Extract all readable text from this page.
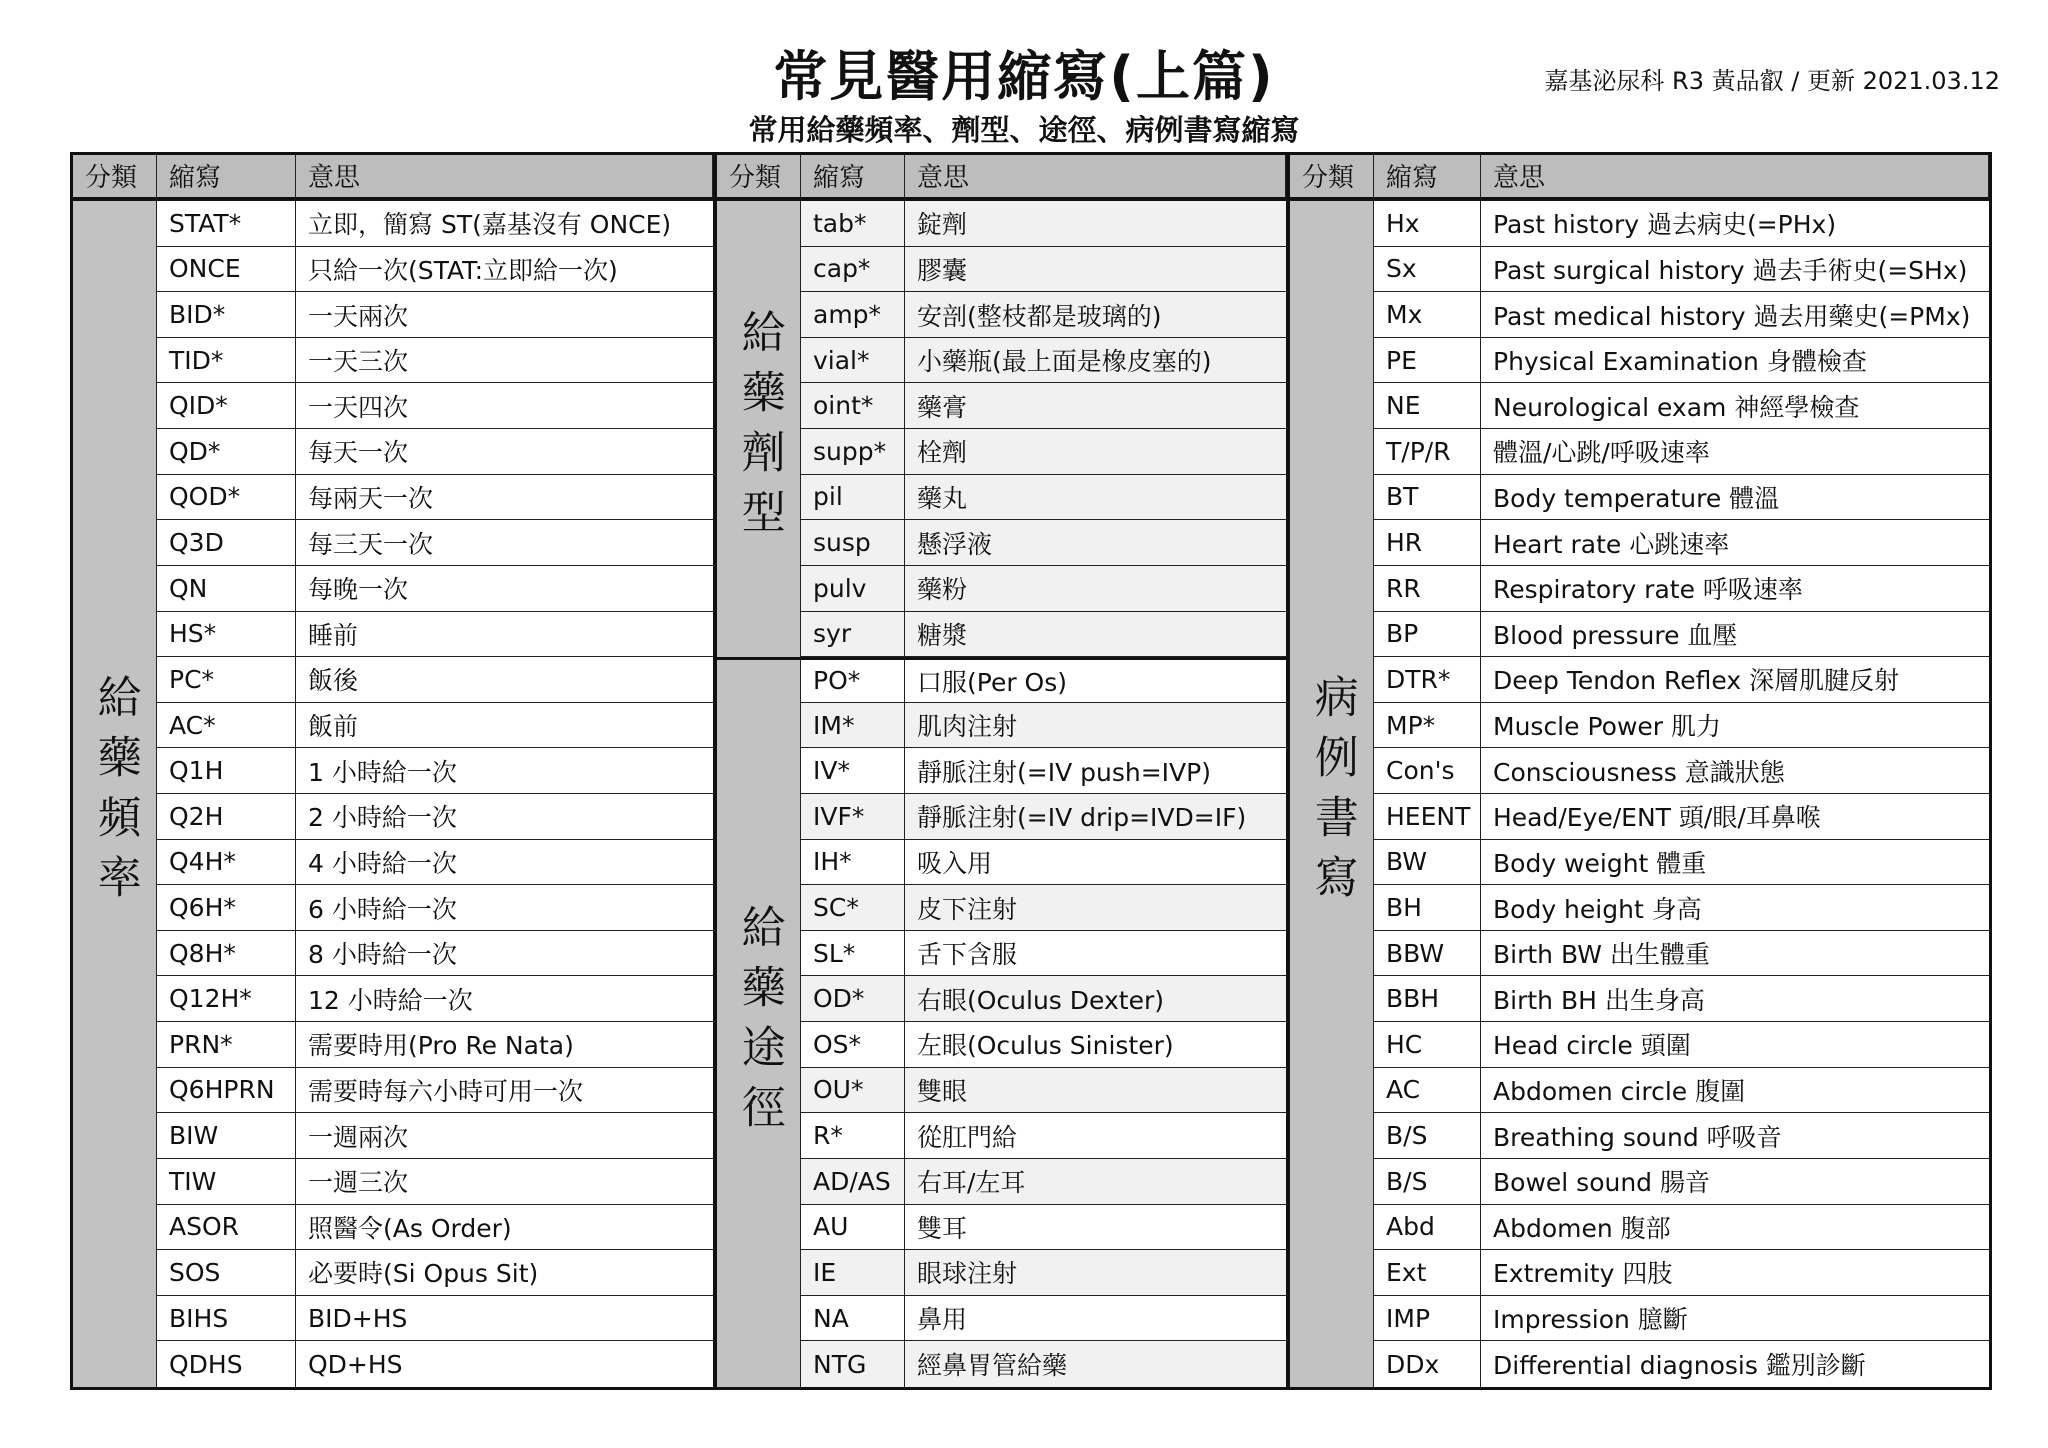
常見醫用縮寫(上篇)
常用給藥頻率、劑型、途徑、病例書寫縮寫
嘉基泌尿科 R3 黃品叡 / 更新 2021.03.12
分類	縮寫	意思
給藥頻率
STAT*	立即，簡寫 ST(嘉基沒有 ONCE)
ONCE	只給一次(STAT:立即給一次)
BID*	一天兩次
TID*	一天三次
QID*	一天四次
QD*	每天一次
QOD*	每兩天一次
Q3D	每三天一次
QN	每晚一次
HS*	睡前
PC*	飯後
AC*	飯前
Q1H	1 小時給一次
Q2H	2 小時給一次
Q4H*	4 小時給一次
Q6H*	6 小時給一次
Q8H*	8 小時給一次
Q12H*	12 小時給一次
PRN*	需要時用(Pro Re Nata)
Q6HPRN	需要時每六小時可用一次
BIW	一週兩次
TIW	一週三次
ASOR	照醫令(As Order)
SOS	必要時(Si Opus Sit)
BIHS	BID+HS
QDHS	QD+HS
分類	縮寫	意思
給藥劑型
tab*	錠劑
cap*	膠囊
amp*	安剖(整枝都是玻璃的)
vial*	小藥瓶(最上面是橡皮塞的)
oint*	藥膏
supp*	栓劑
pil	藥丸
susp	懸浮液
pulv	藥粉
syr	糖漿
給藥途徑
PO*	口服(Per Os)
IM*	肌肉注射
IV*	靜脈注射(=IV push=IVP)
IVF*	靜脈注射(=IV drip=IVD=IF)
IH*	吸入用
SC*	皮下注射
SL*	舌下含服
OD*	右眼(Oculus Dexter)
OS*	左眼(Oculus Sinister)
OU*	雙眼
R*	從肛門給
AD/AS	右耳/左耳
AU	雙耳
IE	眼球注射
NA	鼻用
NTG	經鼻胃管給藥
分類	縮寫	意思
病例書寫
Hx	Past history 過去病史(=PHx)
Sx	Past surgical history 過去手術史(=SHx)
Mx	Past medical history 過去用藥史(=PMx)
PE	Physical Examination 身體檢查
NE	Neurological exam 神經學檢查
T/P/R	體溫/心跳/呼吸速率
BT	Body temperature 體溫
HR	Heart rate 心跳速率
RR	Respiratory rate 呼吸速率
BP	Blood pressure 血壓
DTR*	Deep Tendon Reflex 深層肌腱反射
MP*	Muscle Power 肌力
Con's	Consciousness 意識狀態
HEENT Head/Eye/ENT 頭/眼/耳鼻喉
BW	Body weight 體重
BH	Body height 身高
BBW	Birth BW 出生體重
BBH	Birth BH 出生身高
HC	Head circle 頭圍
AC	Abdomen circle 腹圍
B/S	Breathing sound 呼吸音
B/S	Bowel sound 腸音
Abd	Abdomen 腹部
Ext	Extremity 四肢
IMP	Impression 臆斷
DDx	Differential diagnosis 鑑別診斷
